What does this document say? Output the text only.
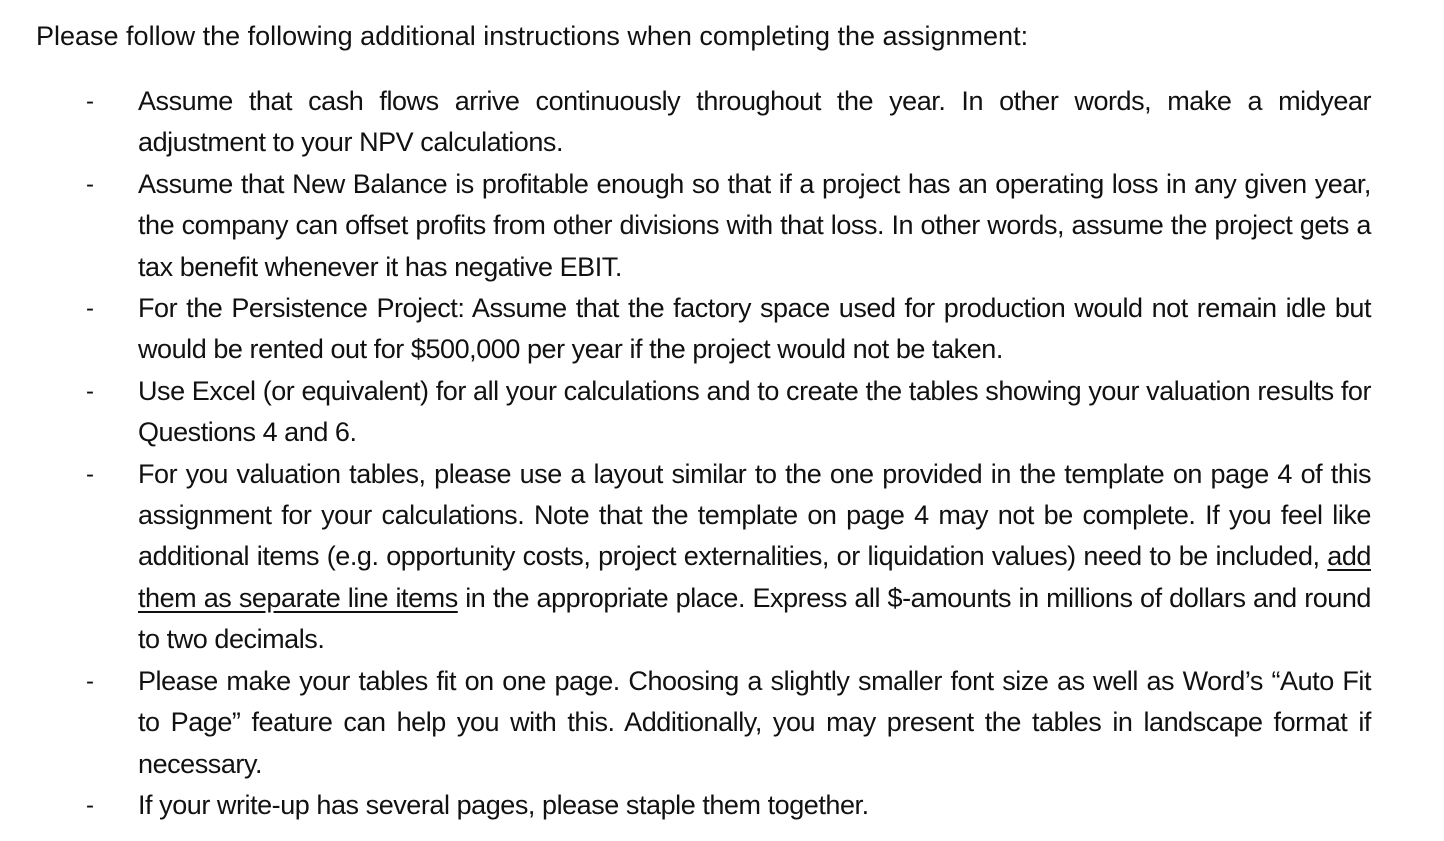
Please follow the following additional instructions when completing the assignment:
- Assume that cash flows arrive continuously throughout the year. In other words, make a midyear adjustment to your NPV calculations.
- Assume that New Balance is profitable enough so that if a project has an operating loss in any given year, the company can offset profits from other divisions with that loss. In other words, assume the project gets a tax benefit whenever it has negative EBIT.
- For the Persistence Project: Assume that the factory space used for production would not remain idle but would be rented out for $500,000 per year if the project would not be taken.
- Use Excel (or equivalent) for all your calculations and to create the tables showing your valuation results for Questions 4 and 6.
- For you valuation tables, please use a layout similar to the one provided in the template on page 4 of this assignment for your calculations. Note that the template on page 4 may not be complete. If you feel like additional items (e.g. opportunity costs, project externalities, or liquidation values) need to be included, add them as separate line items in the appropriate place. Express all $-amounts in millions of dollars and round to two decimals.
- Please make your tables fit on one page. Choosing a slightly smaller font size as well as Word’s “Auto Fit to Page” feature can help you with this. Additionally, you may present the tables in landscape format if necessary.
- If your write-up has several pages, please staple them together.
